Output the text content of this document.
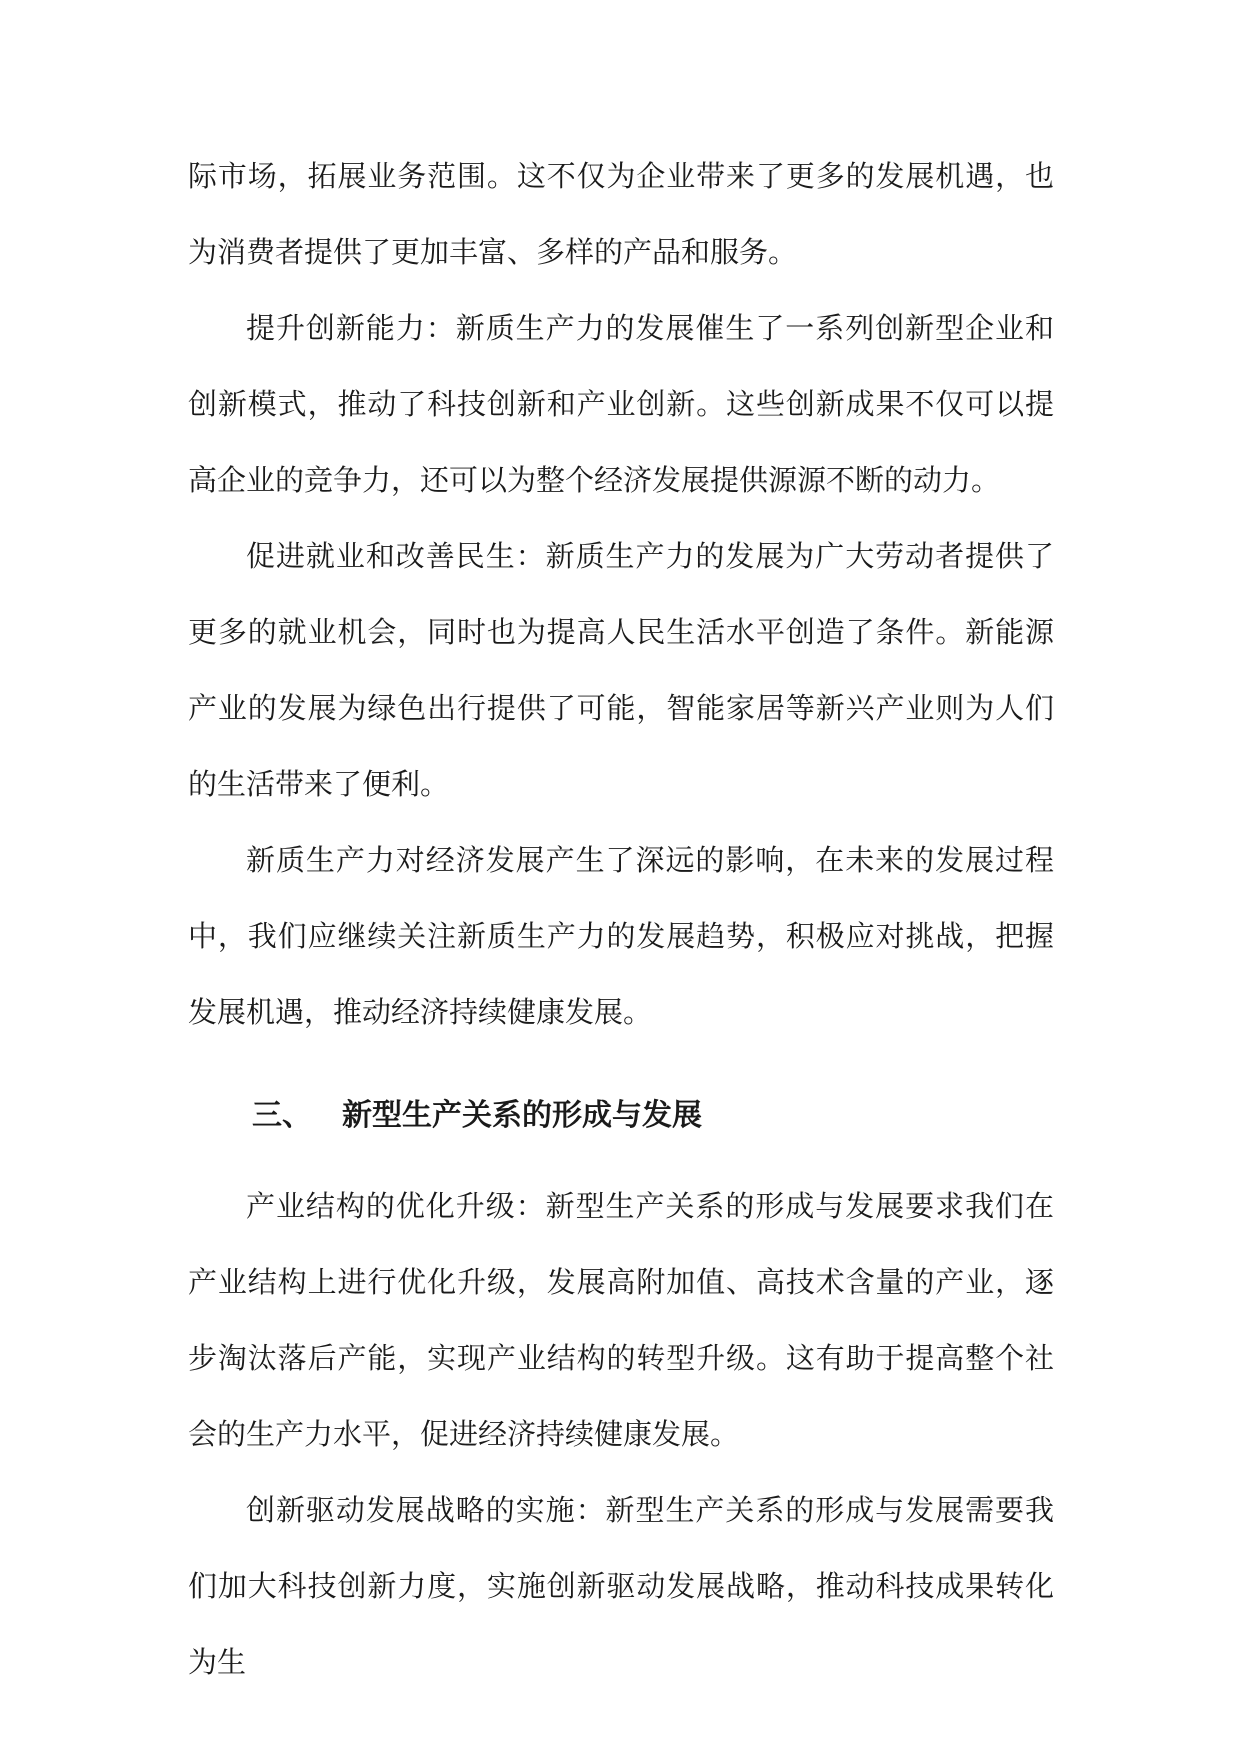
际市场，拓展业务范围。这不仅为企业带来了更多的发展机遇，也为消费者提供了更加丰富、多样的产品和服务。

提升创新能力：新质生产力的发展催生了一系列创新型企业和创新模式，推动了科技创新和产业创新。这些创新成果不仅可以提高企业的竞争力，还可以为整个经济发展提供源源不断的动力。

促进就业和改善民生：新质生产力的发展为广大劳动者提供了更多的就业机会，同时也为提高人民生活水平创造了条件。新能源产业的发展为绿色出行提供了可能，智能家居等新兴产业则为人们的生活带来了便利。

新质生产力对经济发展产生了深远的影响，在未来的发展过程中，我们应继续关注新质生产力的发展趋势，积极应对挑战，把握发展机遇，推动经济持续健康发展。

三、 新型生产关系的形成与发展

产业结构的优化升级：新型生产关系的形成与发展要求我们在产业结构上进行优化升级，发展高附加值、高技术含量的产业，逐步淘汰落后产能，实现产业结构的转型升级。这有助于提高整个社会的生产力水平，促进经济持续健康发展。

创新驱动发展战略的实施：新型生产关系的形成与发展需要我们加大科技创新力度，实施创新驱动发展战略，推动科技成果转化为生
